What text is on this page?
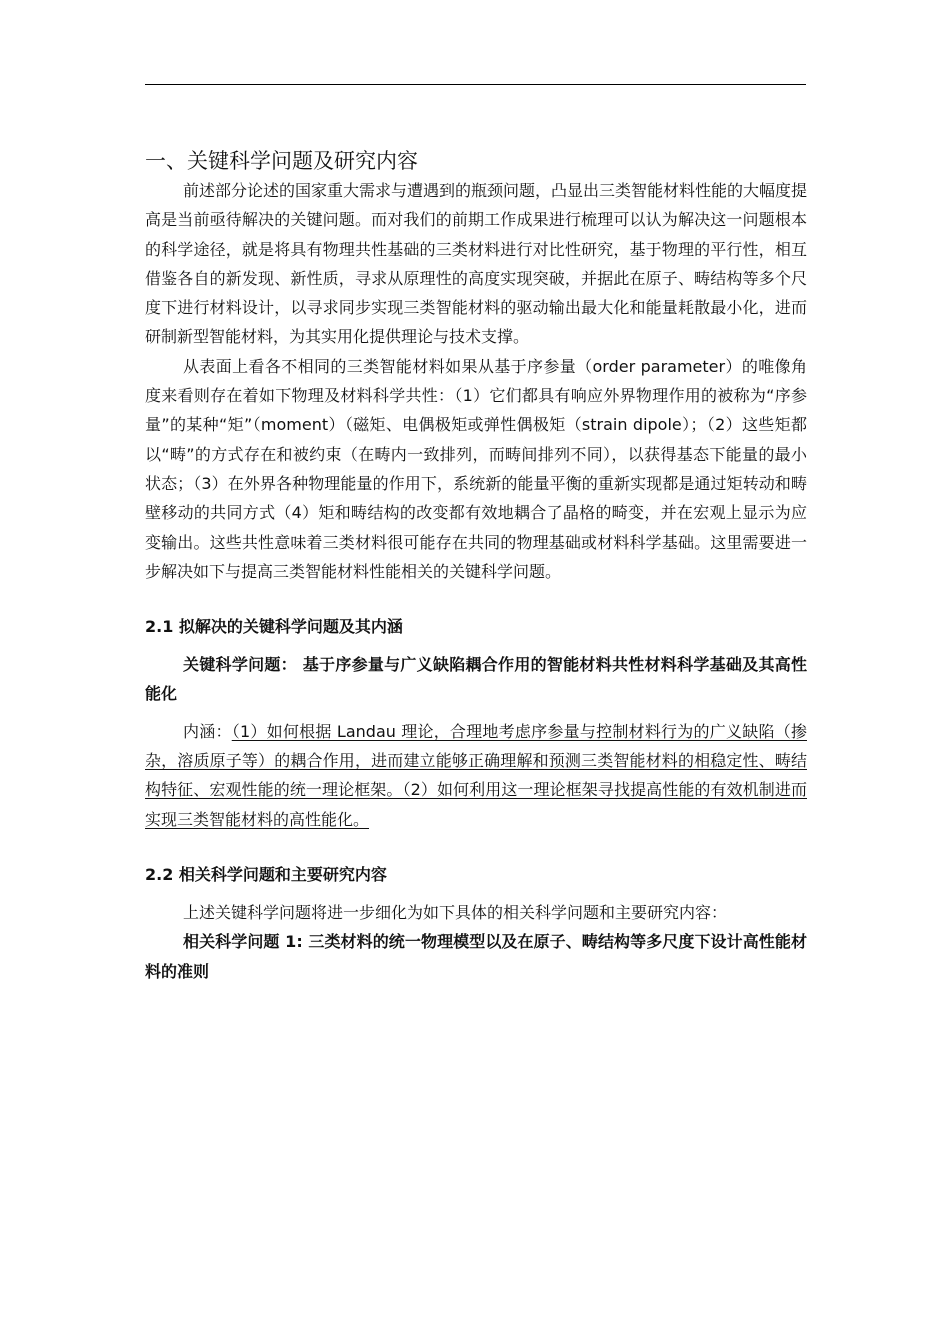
一、关键科学问题及研究内容

前述部分论述的国家重大需求与遭遇到的瓶颈问题，凸显出三类智能材料性能的大幅度提高是当前亟待解决的关键问题。而对我们的前期工作成果进行梳理可以认为解决这一问题根本的科学途径，就是将具有物理共性基础的三类材料进行对比性研究，基于物理的平行性，相互借鉴各自的新发现、新性质，寻求从原理性的高度实现突破，并据此在原子、畴结构等多个尺度下进行材料设计，以寻求同步实现三类智能材料的驱动输出最大化和能量耗散最小化，进而研制新型智能材料，为其实用化提供理论与技术支撑。

从表面上看各不相同的三类智能材料如果从基于序参量（order parameter）的唯像角度来看则存在着如下物理及材料科学共性：（1）它们都具有响应外界物理作用的被称为“序参量”的某种“矩”（moment）（磁矩、电偶极矩或弹性偶极矩（strain dipole）；（2）这些矩都以“畴”的方式存在和被约束（在畴内一致排列，而畴间排列不同），以获得基态下能量的最小状态；（3）在外界各种物理能量的作用下，系统新的能量平衡的重新实现都是通过矩转动和畴壁移动的共同方式（4）矩和畴结构的改变都有效地耦合了晶格的畸变，并在宏观上显示为应变输出。这些共性意味着三类材料很可能存在共同的物理基础或材料科学基础。这里需要进一步解决如下与提高三类智能材料性能相关的关键科学问题。

2.1 拟解决的关键科学问题及其内涵

关键科学问题： 基于序参量与广义缺陷耦合作用的智能材料共性材料科学基础及其高性能化

内涵：（1）如何根据 Landau 理论，合理地考虑序参量与控制材料行为的广义缺陷（掺杂，溶质原子等）的耦合作用，进而建立能够正确理解和预测三类智能材料的相稳定性、畴结构特征、宏观性能的统一理论框架。（2）如何利用这一理论框架寻找提高性能的有效机制进而实现三类智能材料的高性能化。

2.2 相关科学问题和主要研究内容

上述关键科学问题将进一步细化为如下具体的相关科学问题和主要研究内容：

相关科学问题 1: 三类材料的统一物理模型以及在原子、畴结构等多尺度下设计高性能材料的准则
